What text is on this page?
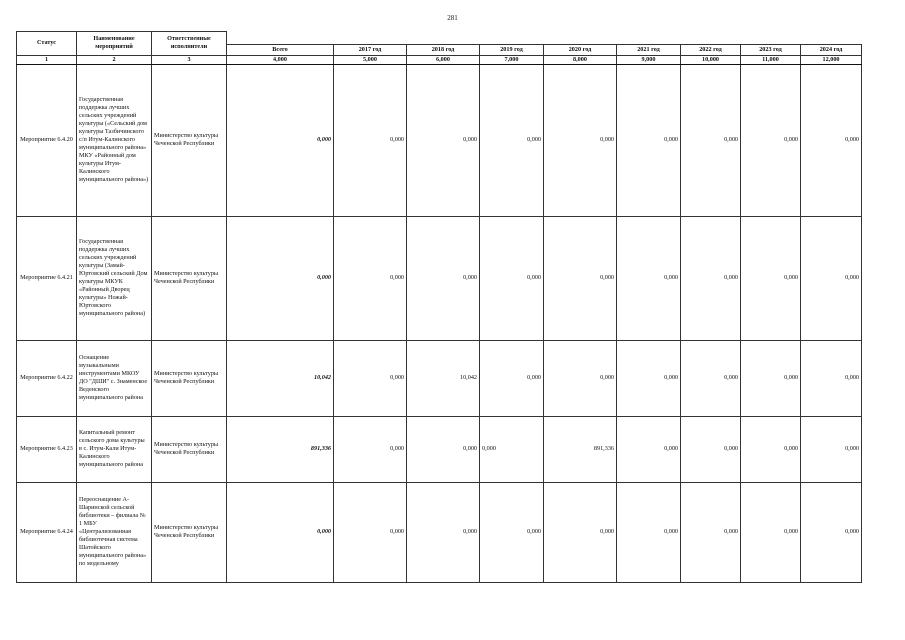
281
Статус	Наименование мероприятий	Ответственные исполнители									
			Всего	2017 год	2018 год	2019 год	2020 год	2021 год	2022 год	2023 год	2024 год
1	2	3	4,000	5,000	6,000	7,000	8,000	9,000	10,000	11,000	12,000
Мероприятие 6.4.20	Государственная поддержка лучших сельских учреждений культуры («Сельский дом культуры Тазбичинского с/п Итум-Калинского муниципального района» МКУ «Районный дом культуры Итум-Калинского муниципального района»)	Министерство культуры Чеченской Республики	0,000	0,000	0,000	0,000	0,000	0,000	0,000	0,000	0,000
Мероприятие 6.4.21	Государственная поддержка лучших сельских учреждений культуры (Замай-Юртовский сельский Дом культуры МКУК «Районный Дворец культуры» Ножай-Юртовского муниципального района)	Министерство культуры Чеченской Республики	0,000	0,000	0,000	0,000	0,000	0,000	0,000	0,000	0,000
Мероприятие 6.4.22	Оснащение музыкальными инструментами МКОУ ДО "ДШИ" с. Знаменское Веденского муниципального района	Министерство культуры Чеченской Республики	10,042	0,000	10,042	0,000	0,000	0,000	0,000	0,000	0,000
Мероприятие 6.4.23	Капитальный ремонт сельского дома культуры в с. Итум-Кали Итум-Калинского муниципального района	Министерство культуры Чеченской Республики	891,336	0,000	0,000	0,000	891,336	0,000	0,000	0,000	0,000
Мероприятие 6.4.24	Переоснащение А-Шаринской сельской библиотеки – филиала № 1 МБУ «Централизованная библиотечная система Шатойского муниципального района» по модельному	Министерство культуры Чеченской Республики	0,000	0,000	0,000	0,000	0,000	0,000	0,000	0,000	0,000
